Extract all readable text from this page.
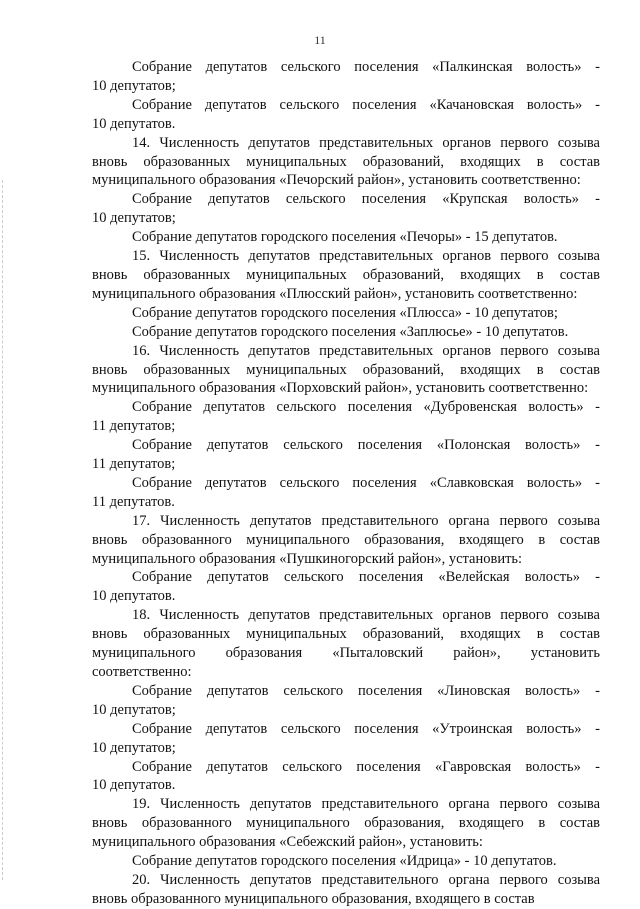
11
Собрание депутатов сельского поселения «Палкинская волость» -
10 депутатов;
Собрание депутатов сельского поселения «Качановская волость» -
10 депутатов.
14. Численность депутатов представительных органов первого созыва
вновь образованных муниципальных образований, входящих в состав
муниципального образования «Печорский район», установить соответственно:
Собрание депутатов сельского поселения «Крупская волость» -
10 депутатов;
Собрание депутатов городского поселения «Печоры» - 15 депутатов.
15. Численность депутатов представительных органов первого созыва
вновь образованных муниципальных образований, входящих в состав
муниципального образования «Плюсский район», установить соответственно:
Собрание депутатов городского поселения «Плюсса» - 10 депутатов;
Собрание депутатов городского поселения «Заплюсье» - 10 депутатов.
16. Численность депутатов представительных органов первого созыва
вновь образованных муниципальных образований, входящих в состав
муниципального образования «Порховский район», установить соответственно:
Собрание депутатов сельского поселения «Дубровенская волость» -
11 депутатов;
Собрание депутатов сельского поселения «Полонская волость» -
11 депутатов;
Собрание депутатов сельского поселения «Славковская волость» -
11 депутатов.
17. Численность депутатов представительного органа первого созыва
вновь образованного муниципального образования, входящего в состав
муниципального образования «Пушкиногорский район», установить:
Собрание депутатов сельского поселения «Велейская волость» -
10 депутатов.
18. Численность депутатов представительных органов первого созыва
вновь образованных муниципальных образований, входящих в состав
муниципального образования «Пыталовский район», установить
соответственно:
Собрание депутатов сельского поселения «Линовская волость» -
10 депутатов;
Собрание депутатов сельского поселения «Утроинская волость» -
10 депутатов;
Собрание депутатов сельского поселения «Гавровская волость» -
10 депутатов.
19. Численность депутатов представительного органа первого созыва
вновь образованного муниципального образования, входящего в состав
муниципального образования «Себежский район», установить:
Собрание депутатов городского поселения «Идрица» - 10 депутатов.
20. Численность депутатов представительного органа первого созыва
вновь образованного муниципального образования, входящего в состав
